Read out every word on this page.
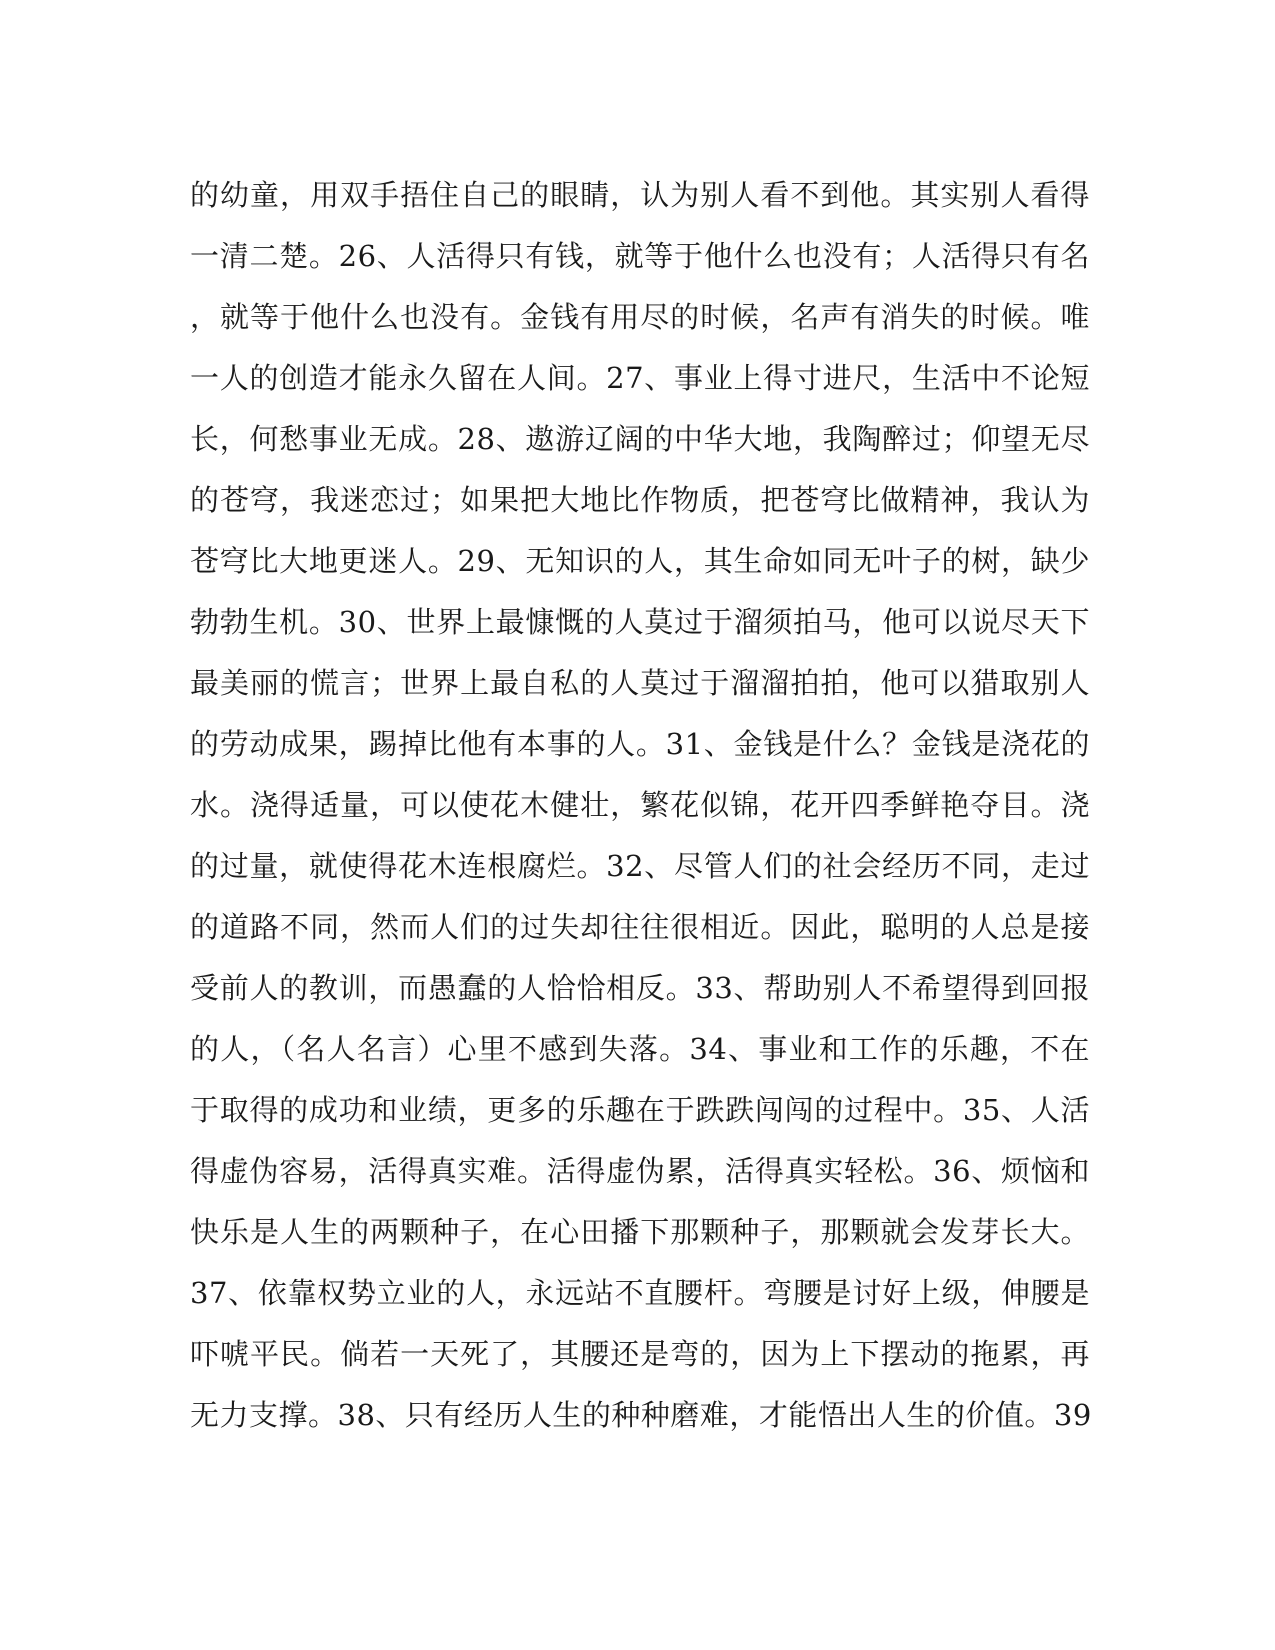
的幼童，用双手捂住自己的眼睛，认为别人看不到他。其实别人看得
一清二楚。26、人活得只有钱，就等于他什么也没有；人活得只有名
，就等于他什么也没有。金钱有用尽的时候，名声有消失的时候。唯
一人的创造才能永久留在人间。27、事业上得寸进尺，生活中不论短
长，何愁事业无成。28、遨游辽阔的中华大地，我陶醉过；仰望无尽
的苍穹，我迷恋过；如果把大地比作物质，把苍穹比做精神，我认为
苍穹比大地更迷人。29、无知识的人，其生命如同无叶子的树，缺少
勃勃生机。30、世界上最慷慨的人莫过于溜须拍马，他可以说尽天下
最美丽的慌言；世界上最自私的人莫过于溜溜拍拍，他可以猎取别人
的劳动成果，踢掉比他有本事的人。31、金钱是什么？金钱是浇花的
水。浇得适量，可以使花木健壮，繁花似锦，花开四季鲜艳夺目。浇
的过量，就使得花木连根腐烂。32、尽管人们的社会经历不同，走过
的道路不同，然而人们的过失却往往很相近。因此，聪明的人总是接
受前人的教训，而愚蠢的人恰恰相反。33、帮助别人不希望得到回报
的人，（名人名言）心里不感到失落。34、事业和工作的乐趣，不在
于取得的成功和业绩，更多的乐趣在于跌跌闯闯的过程中。35、人活
得虚伪容易，活得真实难。活得虚伪累，活得真实轻松。36、烦恼和
快乐是人生的两颗种子，在心田播下那颗种子，那颗就会发芽长大。
37、依靠权势立业的人，永远站不直腰杆。弯腰是讨好上级，伸腰是
吓唬平民。倘若一天死了，其腰还是弯的，因为上下摆动的拖累，再
无力支撑。38、只有经历人生的种种磨难，才能悟出人生的价值。39
